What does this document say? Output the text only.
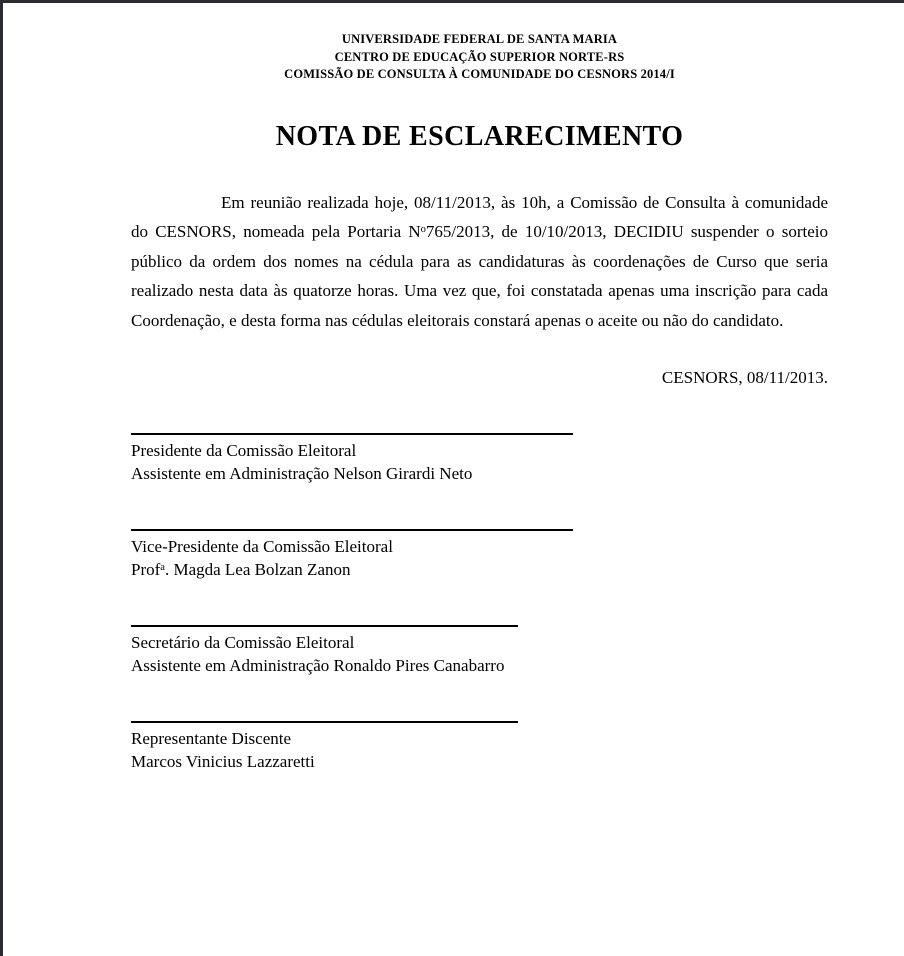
UNIVERSIDADE FEDERAL DE SANTA MARIA
CENTRO DE EDUCAÇÃO SUPERIOR NORTE-RS
COMISSÃO DE CONSULTA À COMUNIDADE DO CESNORS 2014/I
NOTA DE ESCLARECIMENTO

Em reunião realizada hoje, 08/11/2013, às 10h, a Comissão de Consulta à comunidade do CESNORS, nomeada pela Portaria $N^o765/2013$, de 10/10/2013, DECIDIU suspender o sorteio público da ordem dos nomes na cédula para as candidaturas às coordenações de Curso que seria realizado nesta data às quatorze horas. Uma vez que, foi constatada apenas uma inscrição para cada Coordenação, e desta forma nas cédulas eleitorais constará apenas o aceite ou não do candidato.

CESNORS, 08/11/2013.
Presidente da Comissão Eleitoral
Assistente em Administração Nelson Girardi Neto
Vice-Presidente da Comissão Eleitoral
Prof$^a$. Magda Lea Bolzan Zanon
Secretário da Comissão Eleitoral
Assistente em Administração Ronaldo Pires Canabarro
Representante Discente
Marcos Vinicius Lazzaretti
